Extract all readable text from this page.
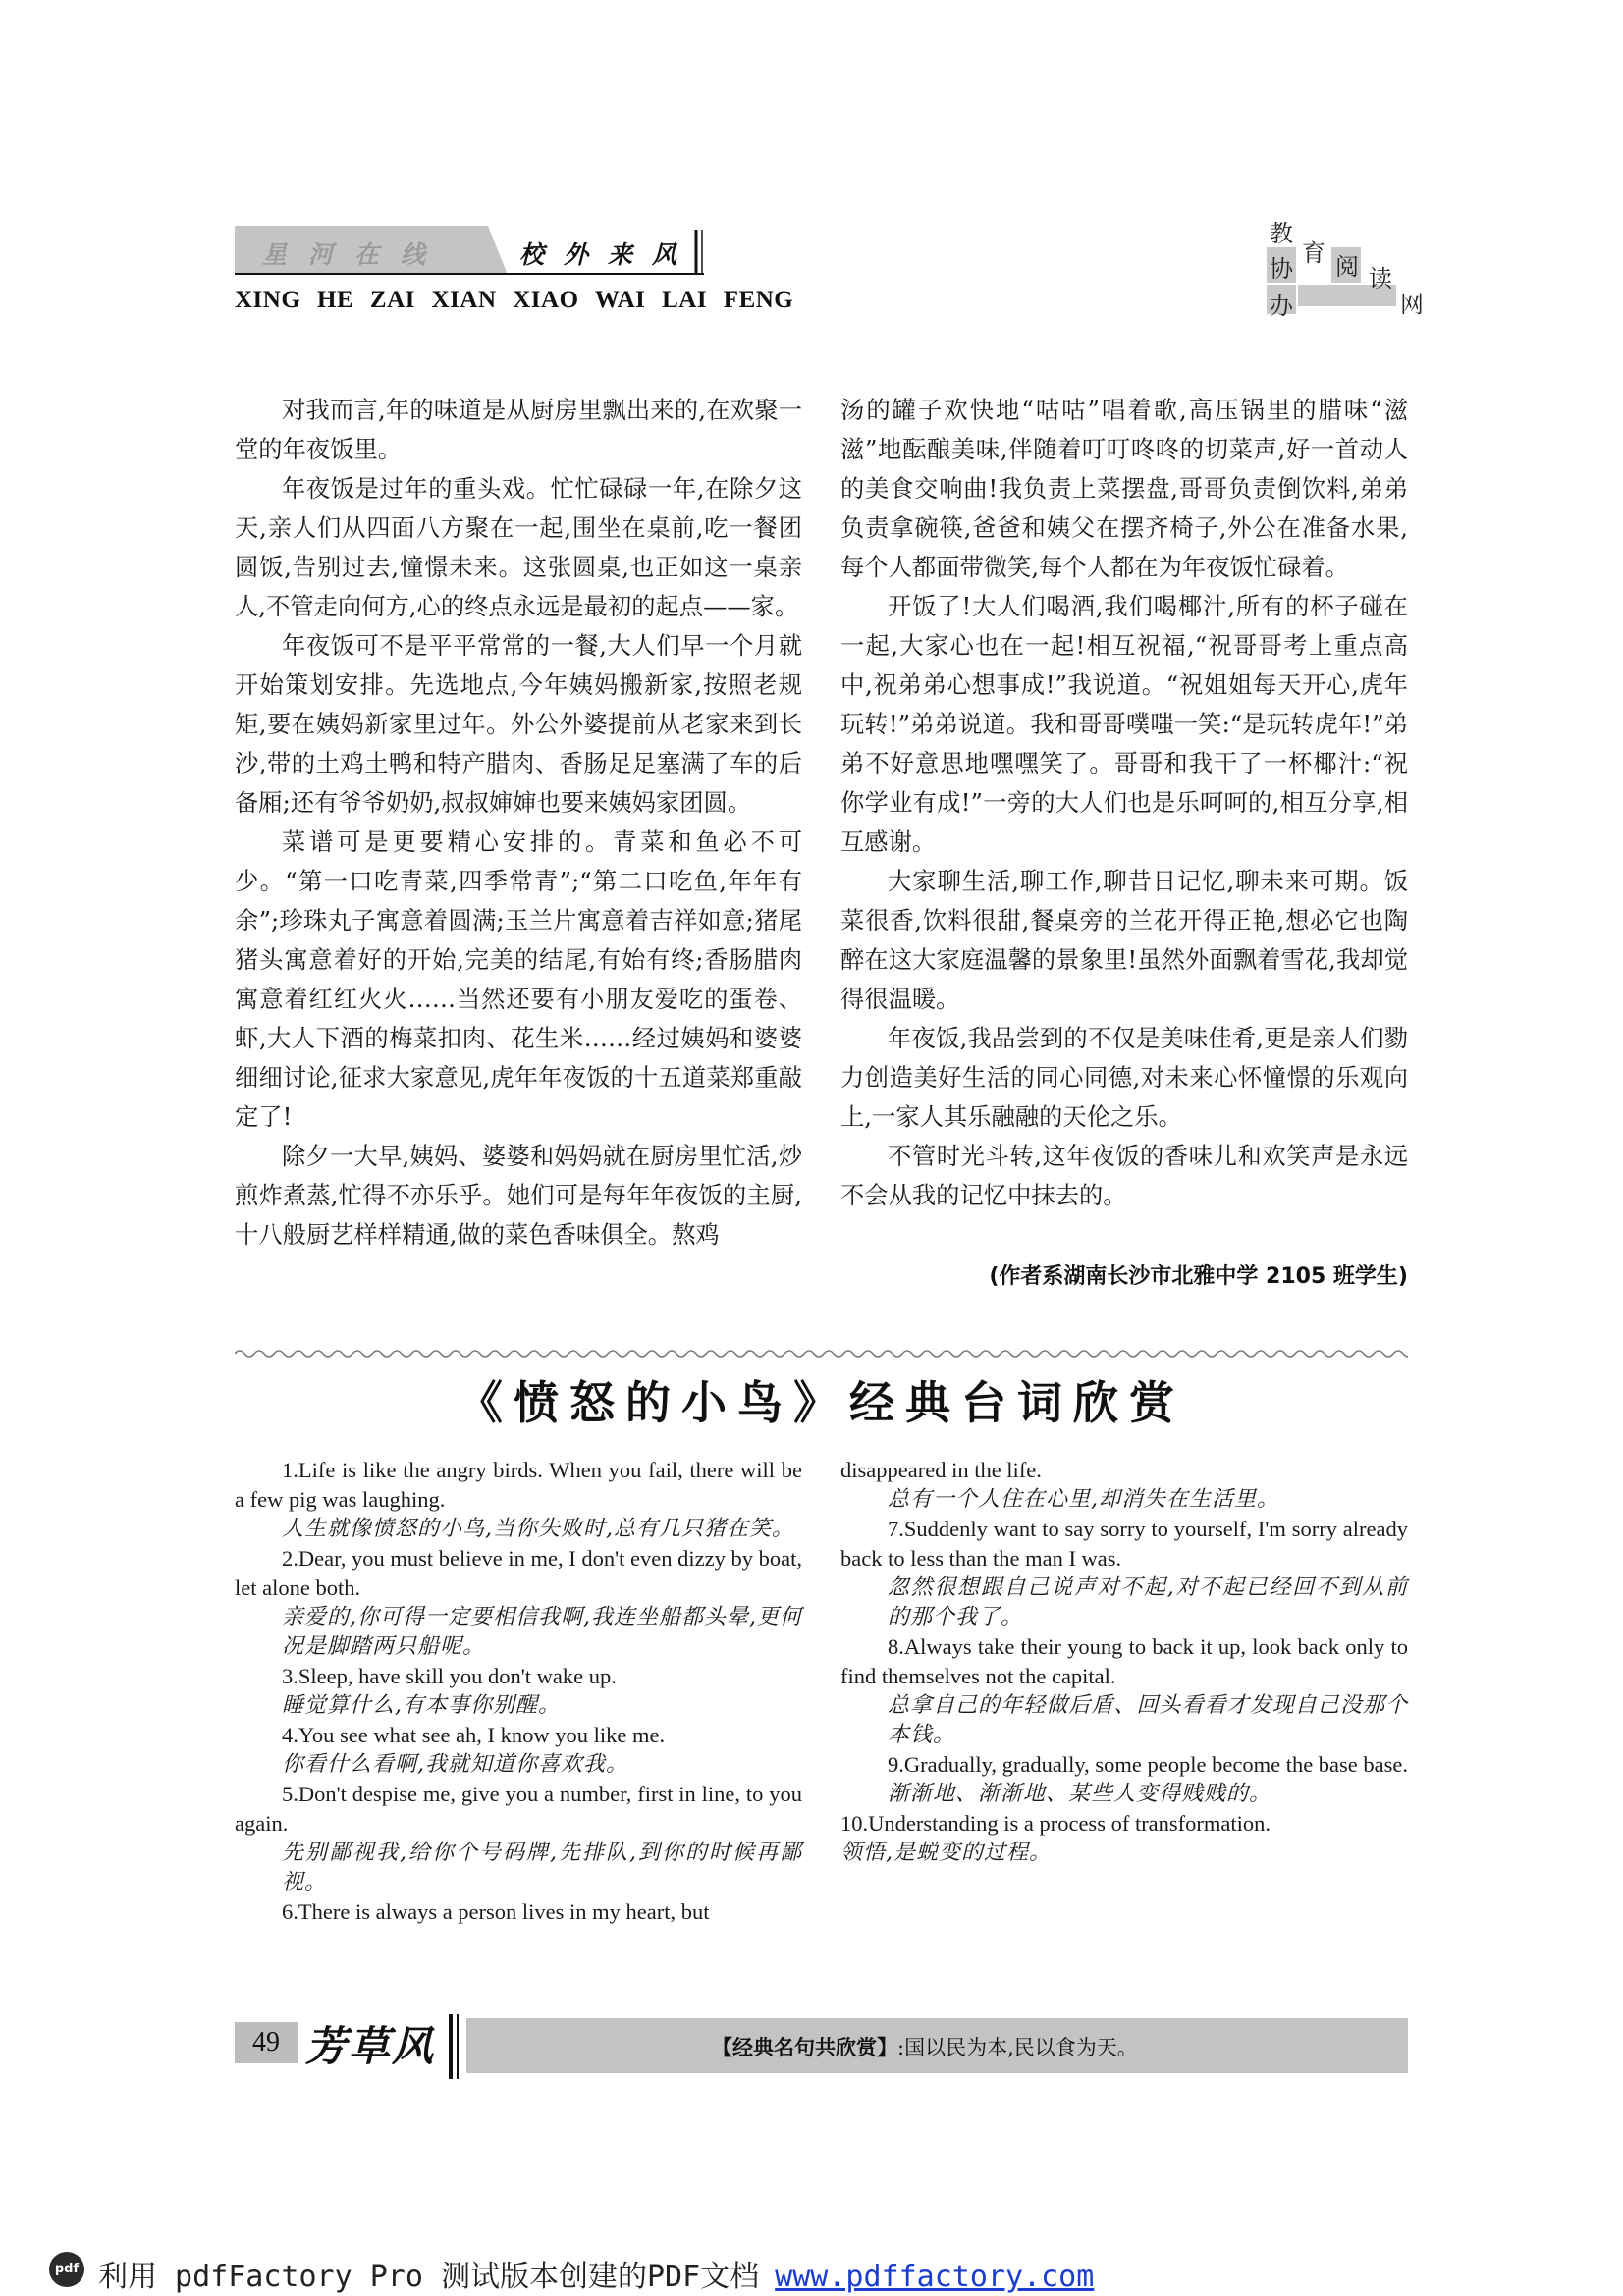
星河在线	校外来风
XING HE ZAI XIAN XIAO WAI LAI FENG
教
育
协 阅 读
办	网

对我而言,年的味道是从厨房里飘出来的,在欢聚一堂的年夜饭里。

年夜饭是过年的重头戏。忙忙碌碌一年,在除夕这天,亲人们从四面八方聚在一起,围坐在桌前,吃一餐团圆饭,告别过去,憧憬未来。这张圆桌,也正如这一桌亲人,不管走向何方,心的终点永远是最初的起点——家。

年夜饭可不是平平常常的一餐,大人们早一个月就开始策划安排。先选地点,今年姨妈搬新家,按照老规矩,要在姨妈新家里过年。外公外婆提前从老家来到长沙,带的土鸡土鸭和特产腊肉、香肠足足塞满了车的后备厢;还有爷爷奶奶,叔叔婶婶也要来姨妈家团圆。

菜谱可是更要精心安排的。青菜和鱼必不可少。“第一口吃青菜,四季常青”;“第二口吃鱼,年年有余”;珍珠丸子寓意着圆满;玉兰片寓意着吉祥如意;猪尾猪头寓意着好的开始,完美的结尾,有始有终;香肠腊肉寓意着红红火火……当然还要有小朋友爱吃的蛋卷、虾,大人下酒的梅菜扣肉、花生米……经过姨妈和婆婆细细讨论,征求大家意见,虎年年夜饭的十五道菜郑重敲定了!

除夕一大早,姨妈、婆婆和妈妈就在厨房里忙活,炒煎炸煮蒸,忙得不亦乐乎。她们可是每年年夜饭的主厨,十八般厨艺样样精通,做的菜色香味俱全。熬鸡

汤的罐子欢快地“咕咕”唱着歌,高压锅里的腊味“滋滋”地酝酿美味,伴随着叮叮咚咚的切菜声,好一首动人的美食交响曲!我负责上菜摆盘,哥哥负责倒饮料,弟弟负责拿碗筷,爸爸和姨父在摆齐椅子,外公在准备水果,每个人都面带微笑,每个人都在为年夜饭忙碌着。

开饭了!大人们喝酒,我们喝椰汁,所有的杯子碰在一起,大家心也在一起!相互祝福,“祝哥哥考上重点高中,祝弟弟心想事成!”我说道。“祝姐姐每天开心,虎年玩转!”弟弟说道。我和哥哥噗嗤一笑:“是玩转虎年!”弟弟不好意思地嘿嘿笑了。哥哥和我干了一杯椰汁:“祝你学业有成!”一旁的大人们也是乐呵呵的,相互分享,相互感谢。

大家聊生活,聊工作,聊昔日记忆,聊未来可期。饭菜很香,饮料很甜,餐桌旁的兰花开得正艳,想必它也陶醉在这大家庭温馨的景象里!虽然外面飘着雪花,我却觉得很温暖。

年夜饭,我品尝到的不仅是美味佳肴,更是亲人们勠力创造美好生活的同心同德,对未来心怀憧憬的乐观向上,一家人其乐融融的天伦之乐。

不管时光斗转,这年夜饭的香味儿和欢笑声是永远不会从我的记忆中抹去的。

(作者系湖南长沙市北雅中学 2105 班学生)
《愤怒的小鸟》经典台词欣赏

1.Life is like the angry birds. When you fail, there will be a few pig was laughing.

人生就像愤怒的小鸟,当你失败时,总有几只猪在笑。

2.Dear, you must believe in me, I don't even dizzy by boat, let alone both.

亲爱的,你可得一定要相信我啊,我连坐船都头晕,更何况是脚踏两只船呢。

3.Sleep, have skill you don't wake up.

睡觉算什么,有本事你别醒。

4.You see what see ah, I know you like me.

你看什么看啊,我就知道你喜欢我。

5.Don't despise me, give you a number, first in line, to you again.

先别鄙视我,给你个号码牌,先排队,到你的时候再鄙视。

6.There is always a person lives in my heart, but

disappeared in the life.

总有一个人住在心里,却消失在生活里。

7.Suddenly want to say sorry to yourself, I'm sorry already back to less than the man I was.

忽然很想跟自己说声对不起,对不起已经回不到从前的那个我了。

8.Always take their young to back it up, look back only to find themselves not the capital.

总拿自己的年轻做后盾、回头看看才发现自己没那个本钱。

9.Gradually, gradually, some people become the base base.

渐渐地、渐渐地、某些人变得贱贱的。

10.Understanding is a process of transformation.

领悟,是蜕变的过程。

49 芳草风	【经典名句共欣赏】:国以民为本,民以食为天。
pdf 利用 pdfFactory Pro 测试版本创建的PDF文档 www.pdffactory.com
